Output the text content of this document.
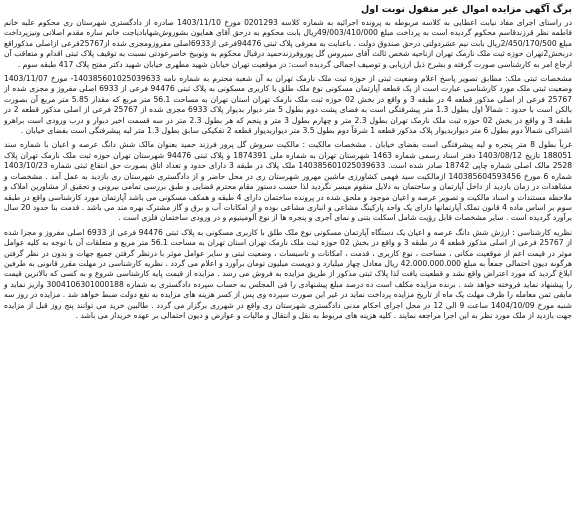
برگ آگهی مزایده اموال غیر منقول نوبت اول

در راستای اجرای مفاد نیابت اعطایی به کلاسه مربوطه به پرونده اجرائیه به شماره کلاسه 0201293 مورخ 1403/11/10 صادره از دادگستری شهرستان ری محکوم علیه خانم فاطمه نظر قرزندقاسم محکوم گردیده است به پرداخت مبلغ 49/003/410/000ریال بابت محکوم به درحق آقای همایون بشوروش‌شهابادیاجت خانم ساره مقدم اصلانی ونیزپرداخت مبلغ 2/450/170/500ریال بابت نیم عشردولتی درحق صندوق دولت . باعنایت به معرفی پلاک ثبتی 94476فرعی از6933اصلی مفروزومجزی شده از25767فرعی ازاصلی مذکوراقع دربخش2تهران حوزه ثبت ملک نارمک تهران ازناحیه شخص ثالث آقای سیروس گل پوروفرزندحمید درقبال محکوم به وتوبیخ خاصرعودتی نسبت به توقیف پلاک ثبتی اقدام و متعاقب آن ارجاع امر به کارشناسی صورت گرفته و بشرح ذیل ارزیابی و توصیف اجمالی گردیده است: در موقعیت تهران خیابان شهید مطهری خیابان شهید دکتر مفتح پلاک 417 طبقه سوم .

مشخصات ثبتی ملک: مطابق تصویر پاسخ اعلام وضعیت ثبتی از حوزه ثبت ملک نارمک تهران به آن شعبه محترم به شماره نامه 140385601025039633- مورخ 1403/11/07 وضعیت ثبتی ملک مورد کارشناسی عبارت است از یک قطعه آپارتمان مسکونی نوع ملک طلق با کاربری مسکونی به پلاک ثبتی 94476 فرعی از 6933 اصلی مفروز و مجزی شده از 25767 فرعی از اصلی مذکور قطعه 4 در طبقه 3 و واقع در بخش 02 حوزه ثبت ملک نارمک تهران استان تهران به مساحت 56.1 متر مربع که مقدار 5.85 متر مربع آن بصورت بالکن است با حدود : شمالاً اول بطول 1.3 متر پیشرفتگی است به فضای پشت دوم بطول 5 متر دیوار بدیوار پلاک 6933 مجزی شده از 25767 فرعی از اصلی مذکور قطعه 2 در طبقه 3 و واقع در بخش 02 حوزه ثبت ملک نارمک تهران بطول 2.3 متر و چهارم بطول 3 متر و پنجم که هر بطول 2.3 متر در سه قسمت اخیر دیوار و درب ورودی است براهرو اشتراکی شمالاً دوم بطول 6 متر دیواربدیوار پلاک مذکور قطعه 1 شرقاً دوم بطول 3.5 متر دیواربدیوار قطعه 2 تفکیکی سابق بطول 1.3 متر لبه پیشرفتگی است بفضای خیابان .

غرباً بطول 8 متر پنجره و لبه پیشرفتگی است بفضای خیابان . مشخصات مالکیت : مالکیت سروش گل پرور فرزند حمید بعنوان مالک شش دانگ عرصه و اعیان با شماره سند 188051 تاریخ 1403/08/12 دفتر اسناد رسمی شماره 1463 شهرستان تهران به شماره ملی 1874391 و پلاک ثبتی 94476 شهرستان تهران حوزه ثبت ملک نارمک تهران پلاک 2528 مالک اصلی شماره چاپی 18742 صادر شده است. 140385601025039633 ملک پلاک در طبقه 3 دارای حدود و تعداد اتاق بصورت حق انتفاع ثبتی شماره 1403/10/23 شماره 6 مورخ 140385604593456 ازمالکیت سید فهمی کشاورزی ماشین مهرور شهرستان ری در محل حاضر و از دادگستری شهرستان ری بازدید به عمل آمد . مشخصات و مشاهدات در زمان بازدید از داخل آپارتمان و ساختمان به دلایل منقوم میسر نگردید لذا حسب دستور مقام محترم قضایی و طبق بررسی تمامی بیرونی و تحقیق از مشاورین املاک و ملاحظه مستندات و اسناد مالکیت و تصویر عرصه و اعیان موجود و ملحق شده در پرونده ساختمان دارای 4 طبقه و همکف مسکونی می باشد آپارتمان مورد کارشناسی واقع در طبقه سوم بر اساس ماده 4 قانون تملک آپارتمانها دارای یک واحد پارکینگ مشاعی و انباری مشاعی بوده و از امکانات آب و برق و گاز مشترک بهره مند می باشد . قدمت بنا حدود 20 سال برآورد گردیده است . سایر مشخصات قابل رؤیت شامل اسکلت بتنی و نمای آجری و پنجره ها از نوع آلومینیوم و در ورودی ساختمان فلزی است .

نظریه کارشناسی : ارزش شش دانگ عرصه و اعیان یک دستگاه آپارتمان مسکونی نوع ملک طلق با کاربری مسکونی به پلاک ثبتی 94476 فرعی از 6933 اصلی مفروز و مجزا شده از 25767 فرعی از اصلی مذکور قطعه 4 در طبقه 3 و واقع در بخش 02 حوزه ثبت ملک نارمک تهران استان تهران به مساحت 56.1 متر مربع و متعلقات آن با توجه به کلیه عوامل موثر در قیمت اعم از موقعیت مکانی ، مساحت ، نوع کاربری ، قدمت ، امکانات و تاسیسات ، وضعیت ثبتی و سایر عوامل موثر با درنظر گرفتن جمیع جهات و بدون در نظر گرفتن هرگونه دیون احتمالی جمعاً به مبلغ 42.000.000.000 ریال معادل چهار میلیارد و دویست میلیون تومان برآورد و اعلام می گردد . نظریه کارشناسی در مهلت مقرر قانونی به طرفین ابلاغ گردید که مورد اعتراض واقع نشد و قطعیت یافت لذا پلاک ثبتی مذکور از طریق مزایده به فروش می رسد . مزایده از قیمت پایه کارشناسی شروع و به کسی که بالاترین قیمت را پیشنهاد نماید فروخته خواهد شد . برنده مزایده مکلف است ده درصد مبلغ پیشنهادی را فی المجلس به حساب سپرده دادگستری به شماره 3004106301000188 واریز نماید و مابقی ثمن معامله را ظرف مهلت یک ماه از تاریخ مزایده پرداخت نماید در غیر این صورت سپرده وی پس از کسر هزینه های مزایده به نفع دولت ضبط خواهد شد . مزایده در روز سه شنبه مورخ 1404/10/09 ساعت 9 الی 12 در محل اجرای احکام مدنی دادگستری شهرستان ری واقع در شهرری برگزار می گردد . طالبین خرید می توانند پنج روز قبل از مزایده جهت بازدید از ملک مورد نظر به این اجرا مراجعه نمایند . کلیه هزینه های مربوط به نقل و انتقال و مالیات و عوارض و دیون احتمالی بر عهده خریدار می باشد .
